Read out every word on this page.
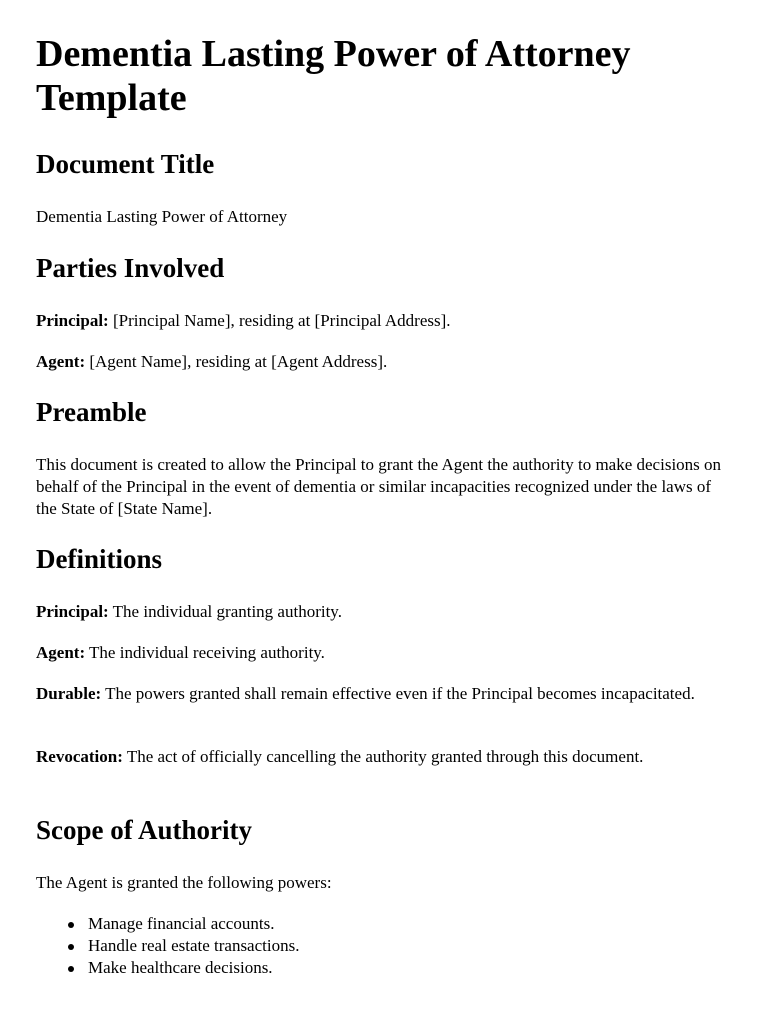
Dementia Lasting Power of Attorney Template
Document Title

Dementia Lasting Power of Attorney

Parties Involved

Principal: [Principal Name], residing at [Principal Address].

Agent: [Agent Name], residing at [Agent Address].

Preamble

This document is created to allow the Principal to grant the Agent the authority to make decisions on behalf of the Principal in the event of dementia or similar incapacities recognized under the laws of the State of [State Name].

Definitions

Principal: The individual granting authority.

Agent: The individual receiving authority.

Durable: The powers granted shall remain effective even if the Principal becomes incapacitated.

Revocation: The act of officially cancelling the authority granted through this document.

Scope of Authority

The Agent is granted the following powers:

Manage financial accounts.
Handle real estate transactions.
Make healthcare decisions.
